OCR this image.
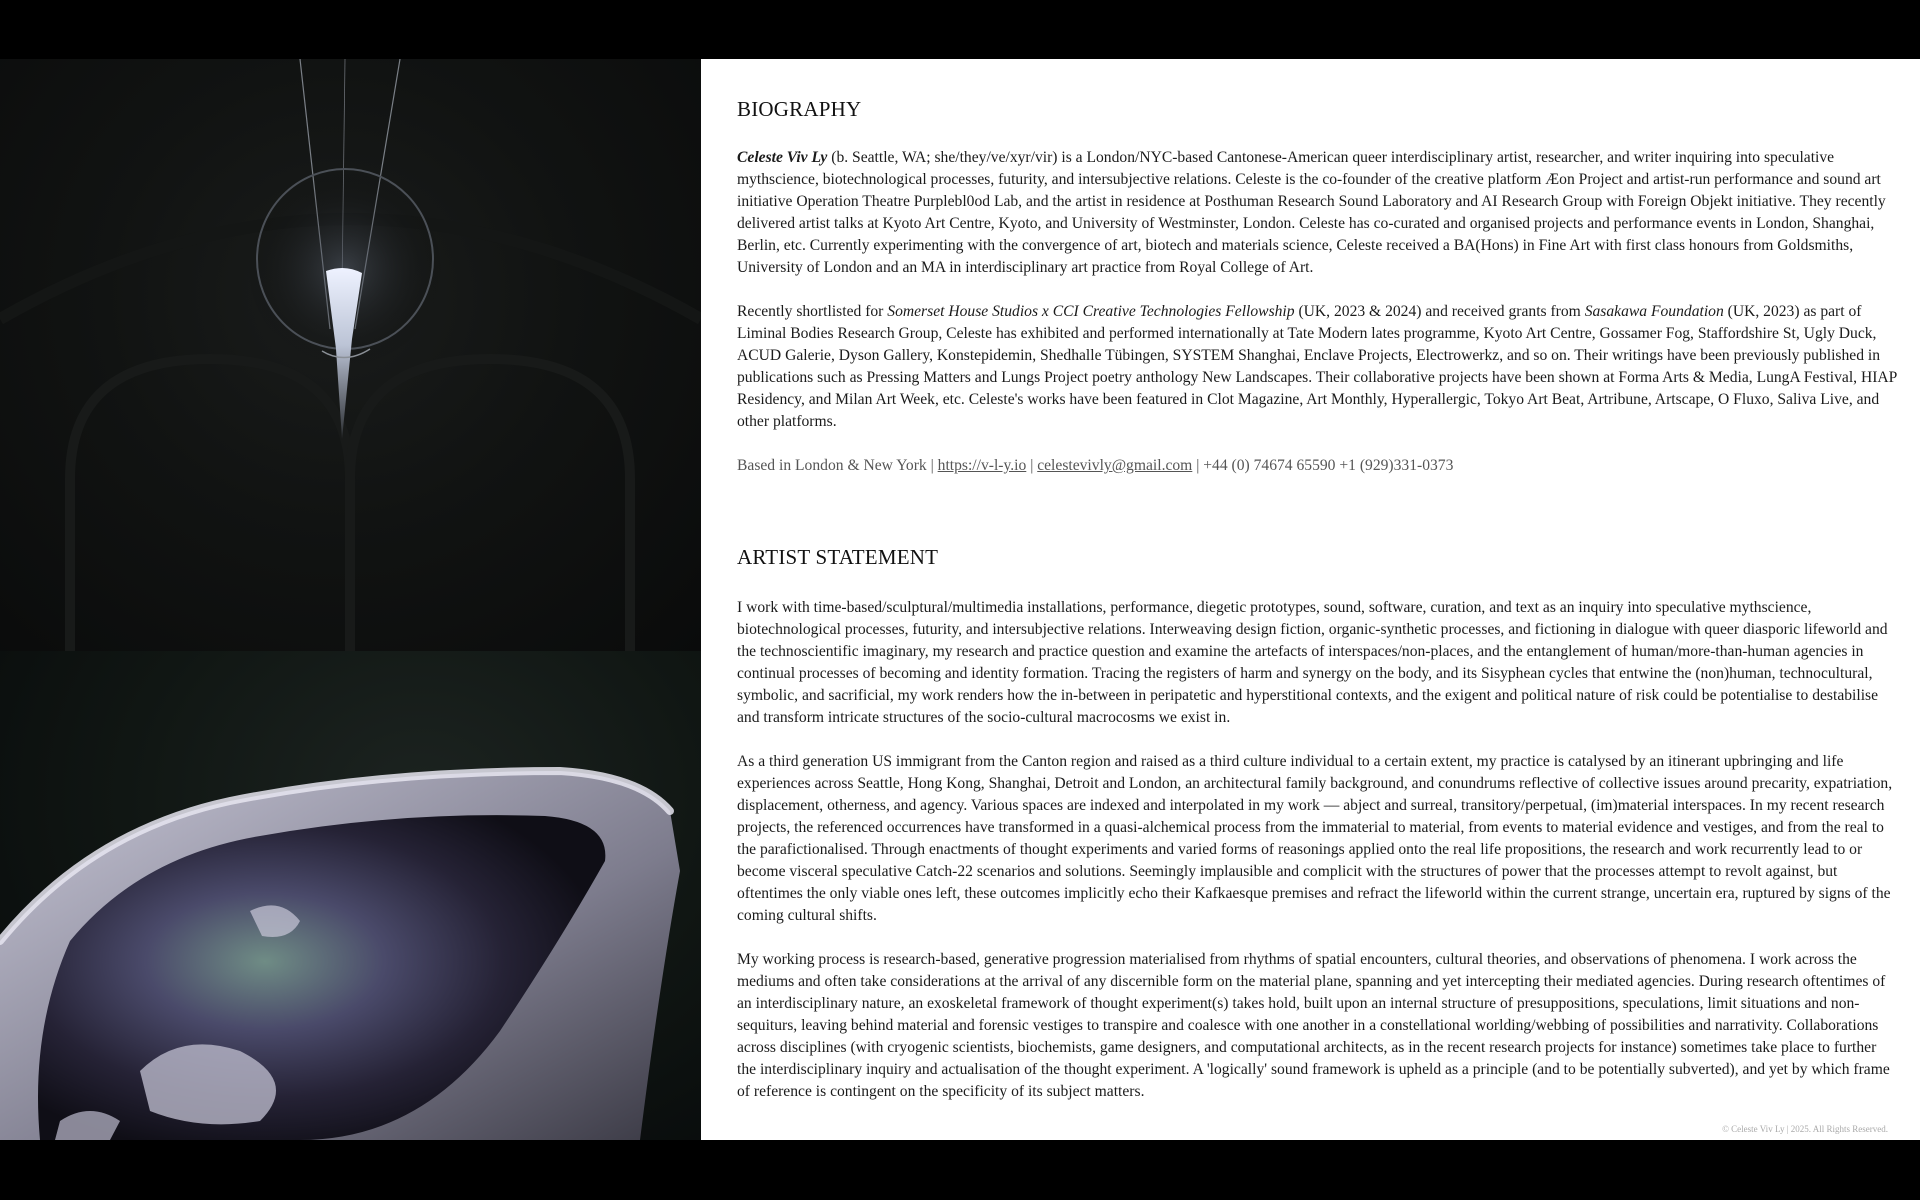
BIOGRAPHY

Celeste Viv Ly (b. Seattle, WA; she/they/ve/xyr/vir) is a London/NYC-based Cantonese-American queer interdisciplinary artist, researcher, and writer inquiring into speculative mythscience, biotechnological processes, futurity, and intersubjective relations. Celeste is the co-founder of the creative platform Æon Project and artist-run performance and sound art initiative Operation Theatre Purplebl0od Lab, and the artist in residence at Posthuman Research Sound Laboratory and AI Research Group with Foreign Objekt initiative. They recently delivered artist talks at Kyoto Art Centre, Kyoto, and University of Westminster, London. Celeste has co-curated and organised projects and performance events in London, Shanghai, Berlin, etc. Currently experimenting with the convergence of art, biotech and materials science, Celeste received a BA(Hons) in Fine Art with first class honours from Goldsmiths, University of London and an MA in interdisciplinary art practice from Royal College of Art.

Recently shortlisted for Somerset House Studios x CCI Creative Technologies Fellowship (UK, 2023 & 2024) and received grants from Sasakawa Foundation (UK, 2023) as part of Liminal Bodies Research Group, Celeste has exhibited and performed internationally at Tate Modern lates programme, Kyoto Art Centre, Gossamer Fog, Staffordshire St, Ugly Duck, ACUD Galerie, Dyson Gallery, Konstepidemin, Shedhalle Tübingen, SYSTEM Shanghai, Enclave Projects, Electrowerkz, and so on. Their writings have been previously published in publications such as Pressing Matters and Lungs Project poetry anthology New Landscapes. Their collaborative projects have been shown at Forma Arts & Media, LungA Festival, HIAP Residency, and Milan Art Week, etc. Celeste's works have been featured in Clot Magazine, Art Monthly, Hyperallergic, Tokyo Art Beat, Artribune, Artscape, O Fluxo, Saliva Live, and other platforms.

Based in London & New York | https://v-l-y.io | celestevivly@gmail.com | +44 (0) 74674 65590 +1 (929)331-0373

ARTIST STATEMENT

I work with time-based/sculptural/multimedia installations, performance, diegetic prototypes, sound, software, curation, and text as an inquiry into speculative mythscience, biotechnological processes, futurity, and intersubjective relations. Interweaving design fiction, organic-synthetic processes, and fictioning in dialogue with queer diasporic lifeworld and the technoscientific imaginary, my research and practice question and examine the artefacts of interspaces/non-places, and the entanglement of human/more-than-human agencies in continual processes of becoming and identity formation. Tracing the registers of harm and synergy on the body, and its Sisyphean cycles that entwine the (non)human, technocultural, symbolic, and sacrificial, my work renders how the in-between in peripatetic and hyperstitional contexts, and the exigent and political nature of risk could be potentialise to destabilise and transform intricate structures of the socio-cultural macrocosms we exist in.

As a third generation US immigrant from the Canton region and raised as a third culture individual to a certain extent, my practice is catalysed by an itinerant upbringing and life experiences across Seattle, Hong Kong, Shanghai, Detroit and London, an architectural family background, and conundrums reflective of collective issues around precarity, expatriation, displacement, otherness, and agency. Various spaces are indexed and interpolated in my work — abject and surreal, transitory/perpetual, (im)material interspaces. In my recent research projects, the referenced occurrences have transformed in a quasi-alchemical process from the immaterial to material, from events to material evidence and vestiges, and from the real to the parafictionalised. Through enactments of thought experiments and varied forms of reasonings applied onto the real life propositions, the research and work recurrently lead to or become visceral speculative Catch-22 scenarios and solutions. Seemingly implausible and complicit with the structures of power that the processes attempt to revolt against, but oftentimes the only viable ones left, these outcomes implicitly echo their Kafkaesque premises and refract the lifeworld within the current strange, uncertain era, ruptured by signs of the coming cultural shifts.

My working process is research-based, generative progression materialised from rhythms of spatial encounters, cultural theories, and observations of phenomena. I work across the mediums and often take considerations at the arrival of any discernible form on the material plane, spanning and yet intercepting their mediated agencies. During research oftentimes of an interdisciplinary nature, an exoskeletal framework of thought experiment(s) takes hold, built upon an internal structure of presuppositions, speculations, limit situations and non-sequiturs, leaving behind material and forensic vestiges to transpire and coalesce with one another in a constellational worlding/webbing of possibilities and narrativity. Collaborations across disciplines (with cryogenic scientists, biochemists, game designers, and computational architects, as in the recent research projects for instance) sometimes take place to further the interdisciplinary inquiry and actualisation of the thought experiment. A 'logically' sound framework is upheld as a principle (and to be potentially subverted), and yet by which frame of reference is contingent on the specificity of its subject matters.

© Celeste Viv Ly | 2025. All Rights Reserved.
